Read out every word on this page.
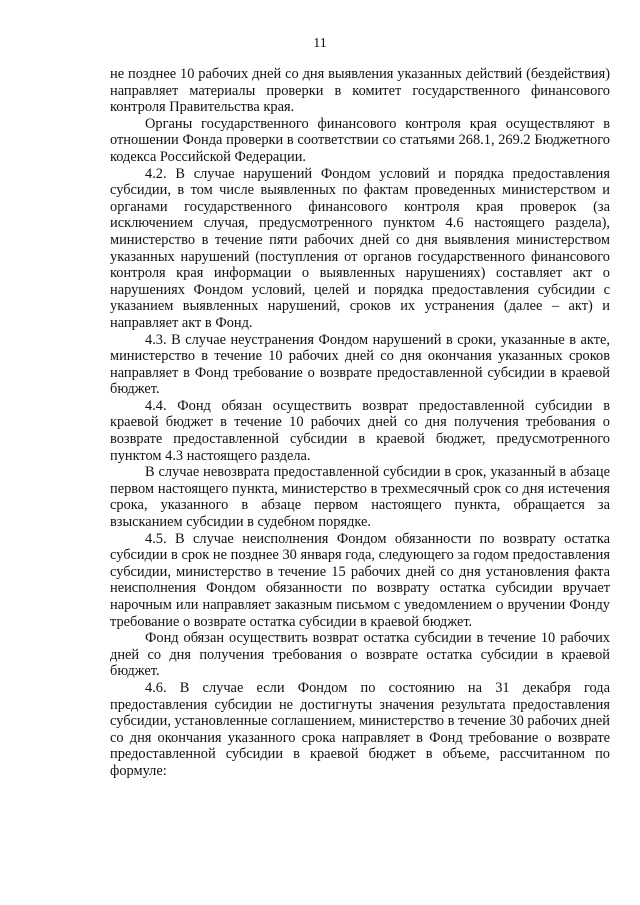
11

не позднее 10 рабочих дней со дня выявления указанных действий (бездействия) направляет материалы проверки в комитет государственного финансового контроля Правительства края.

Органы государственного финансового контроля края осуществляют в отношении Фонда проверки в соответствии со статьями 268.1, 269.2 Бюджетного кодекса Российской Федерации.

4.2. В случае нарушений Фондом условий и порядка предоставления субсидии, в том числе выявленных по фактам проведенных министерством и органами государственного финансового контроля края проверок (за исключением случая, предусмотренного пунктом 4.6 настоящего раздела), министерство в течение пяти рабочих дней со дня выявления министерством указанных нарушений (поступления от органов государственного финансового контроля края информации о выявленных нарушениях) составляет акт о нарушениях Фондом условий, целей и порядка предоставления субсидии с указанием выявленных нарушений, сроков их устранения (далее – акт) и направляет акт в Фонд.

4.3. В случае неустранения Фондом нарушений в сроки, указанные в акте, министерство в течение 10 рабочих дней со дня окончания указанных сроков направляет в Фонд требование о возврате предоставленной субсидии в краевой бюджет.

4.4. Фонд обязан осуществить возврат предоставленной субсидии в краевой бюджет в течение 10 рабочих дней со дня получения требования о возврате предоставленной субсидии в краевой бюджет, предусмотренного пунктом 4.3 настоящего раздела.

В случае невозврата предоставленной субсидии в срок, указанный в абзаце первом настоящего пункта, министерство в трехмесячный срок со дня истечения срока, указанного в абзаце первом настоящего пункта, обращается за взысканием субсидии в судебном порядке.

4.5. В случае неисполнения Фондом обязанности по возврату остатка субсидии в срок не позднее 30 января года, следующего за годом предоставления субсидии, министерство в течение 15 рабочих дней со дня установления факта неисполнения Фондом обязанности по возврату остатка субсидии вручает нарочным или направляет заказным письмом с уведомлением о вручении Фонду требование о возврате остатка субсидии в краевой бюджет.

Фонд обязан осуществить возврат остатка субсидии в течение 10 рабочих дней со дня получения требования о возврате остатка субсидии в краевой бюджет.

4.6. В случае если Фондом по состоянию на 31 декабря года предоставления субсидии не достигнуты значения результата предоставления субсидии, установленные соглашением, министерство в течение 30 рабочих дней со дня окончания указанного срока направляет в Фонд требование о возврате предоставленной субсидии в краевой бюджет в объеме, рассчитанном по формуле:
